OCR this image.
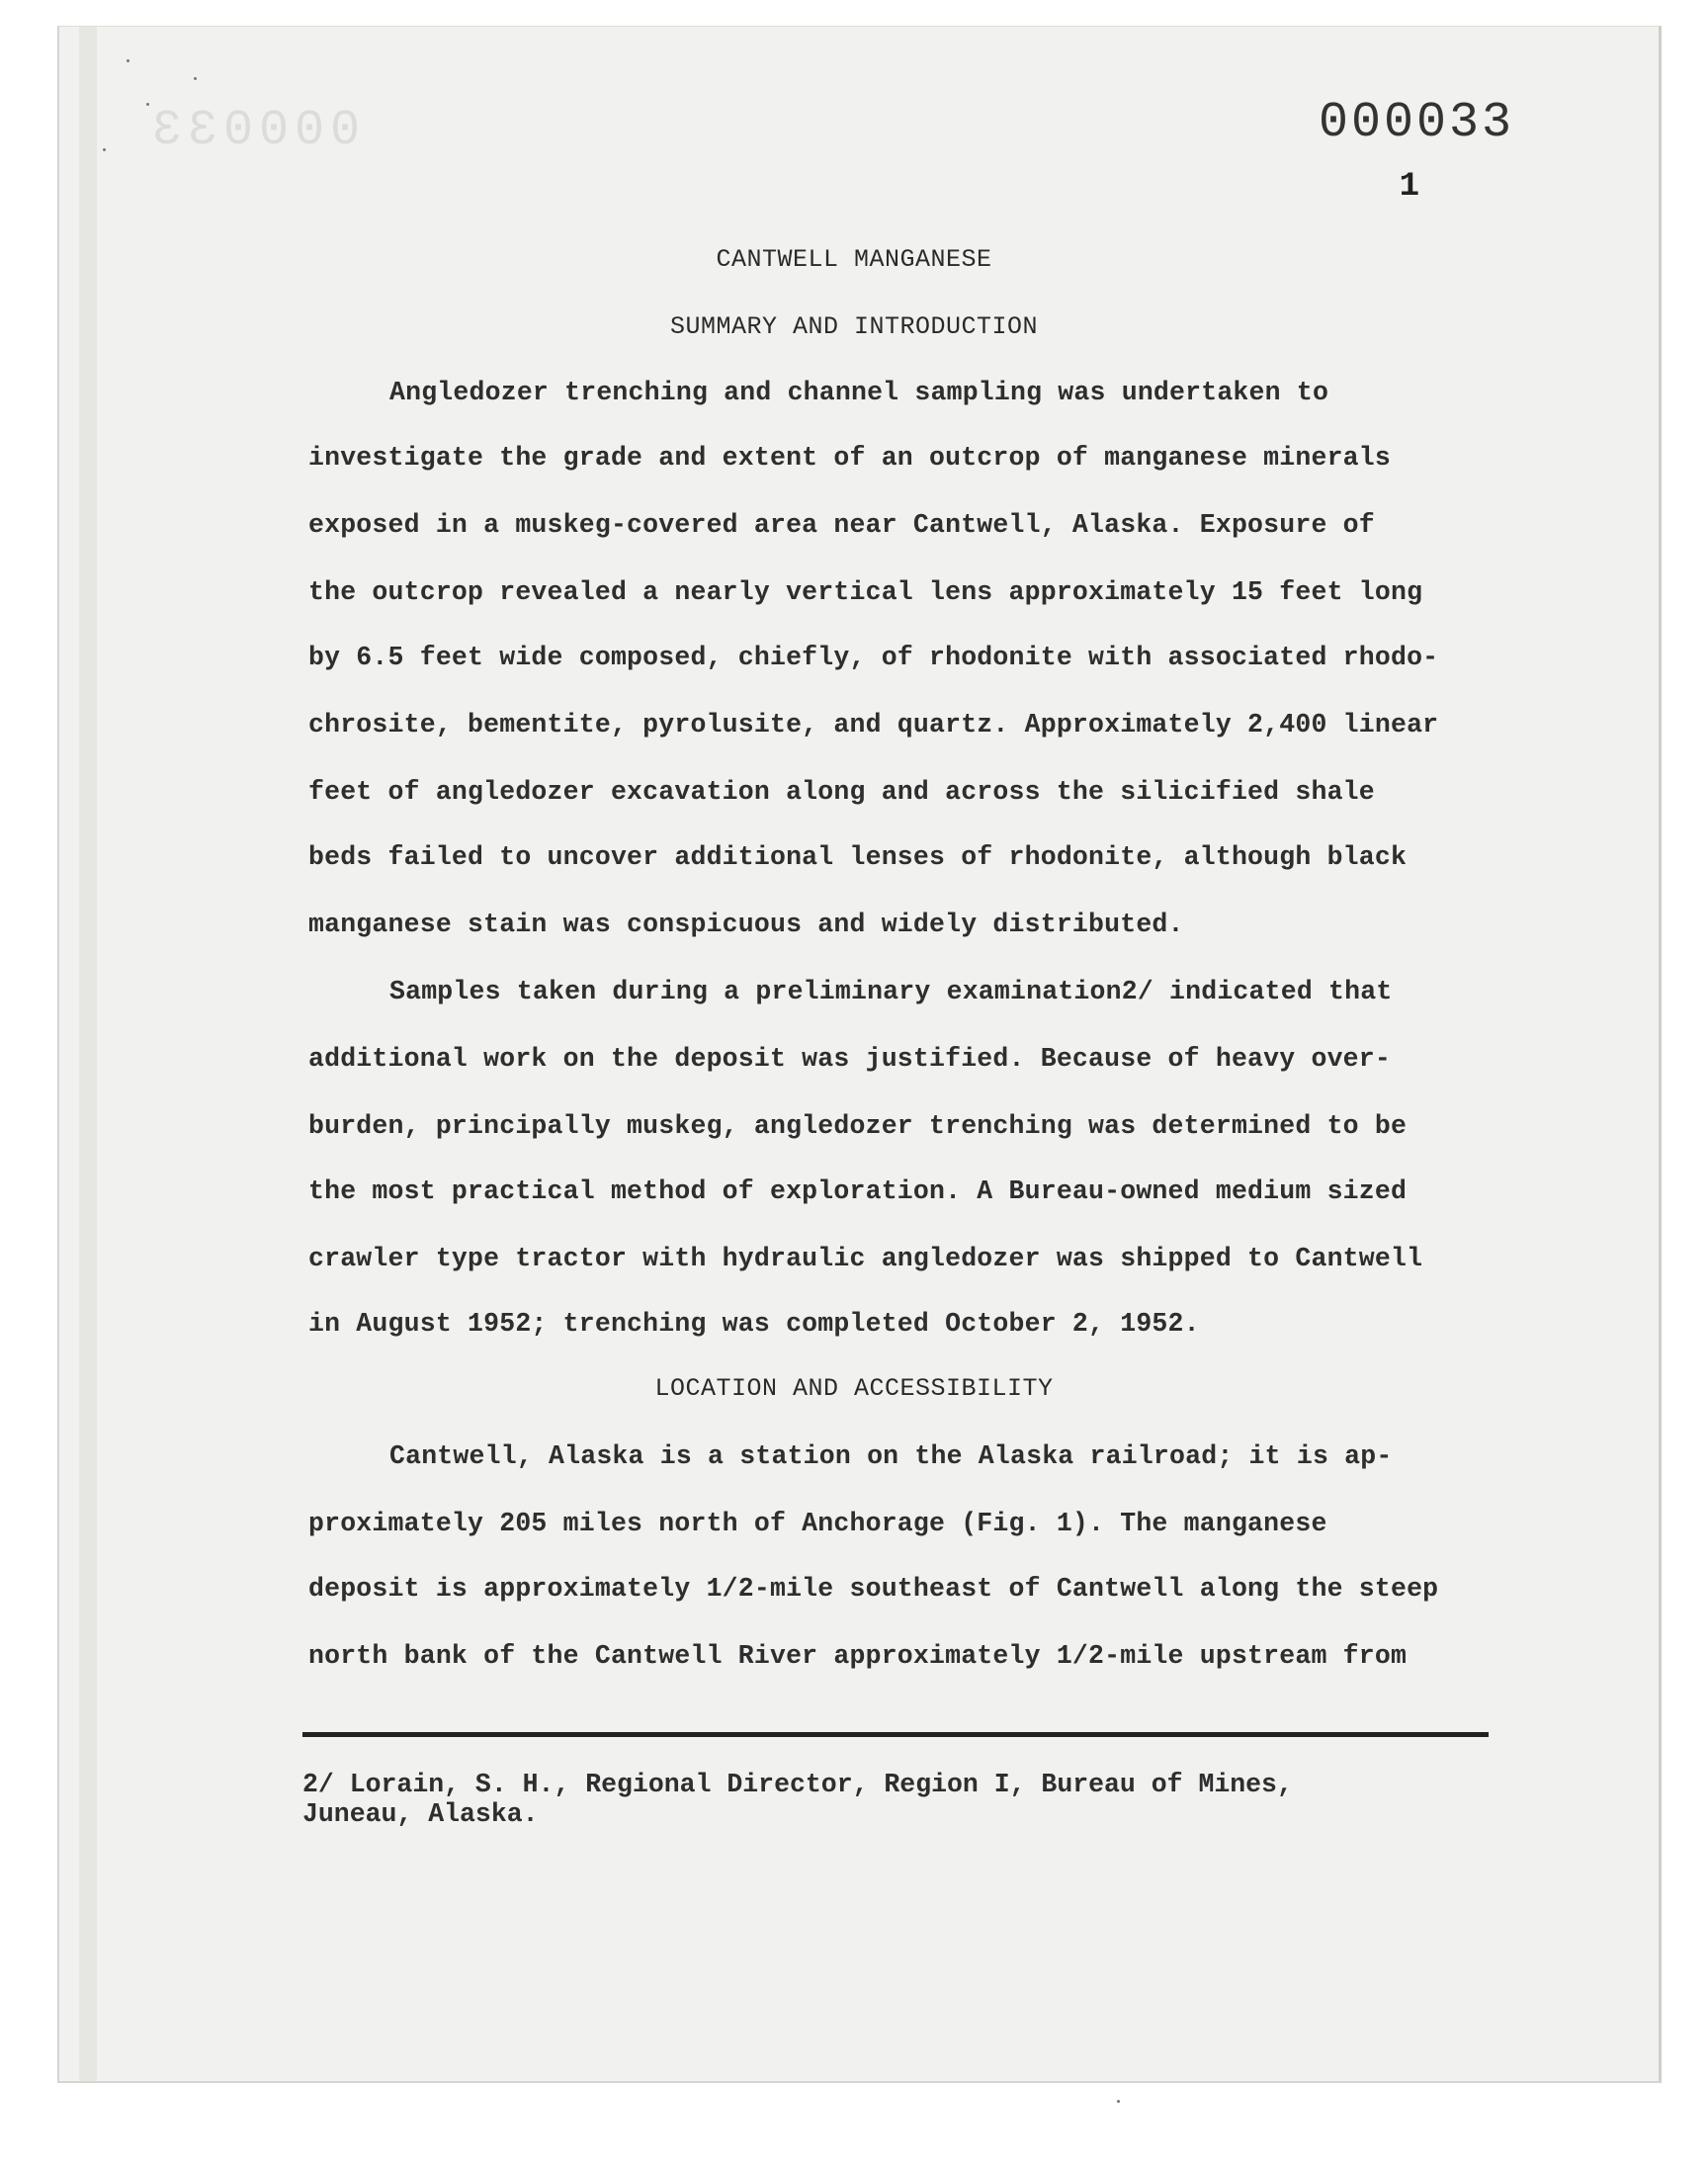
000033	000033
1
CANTWELL MANGANESE
SUMMARY AND INTRODUCTION
Angledozer trenching and channel sampling was undertaken to
investigate the grade and extent of an outcrop of manganese minerals
exposed in a muskeg-covered area near Cantwell, Alaska. Exposure of
the outcrop revealed a nearly vertical lens approximately 15 feet long
by 6.5 feet wide composed, chiefly, of rhodonite with associated rhodo-
chrosite, bementite, pyrolusite, and quartz. Approximately 2,400 linear
feet of angledozer excavation along and across the silicified shale
beds failed to uncover additional lenses of rhodonite, although black
manganese stain was conspicuous and widely distributed.
Samples taken during a preliminary examination2/ indicated that
additional work on the deposit was justified. Because of heavy over-
burden, principally muskeg, angledozer trenching was determined to be
the most practical method of exploration. A Bureau-owned medium sized
crawler type tractor with hydraulic angledozer was shipped to Cantwell
in August 1952; trenching was completed October 2, 1952.
LOCATION AND ACCESSIBILITY
Cantwell, Alaska is a station on the Alaska railroad; it is ap-
proximately 205 miles north of Anchorage (Fig. 1). The manganese
deposit is approximately 1/2-mile southeast of Cantwell along the steep
north bank of the Cantwell River approximately 1/2-mile upstream from
2/ Lorain, S. H., Regional Director, Region I, Bureau of Mines,
Juneau, Alaska.
